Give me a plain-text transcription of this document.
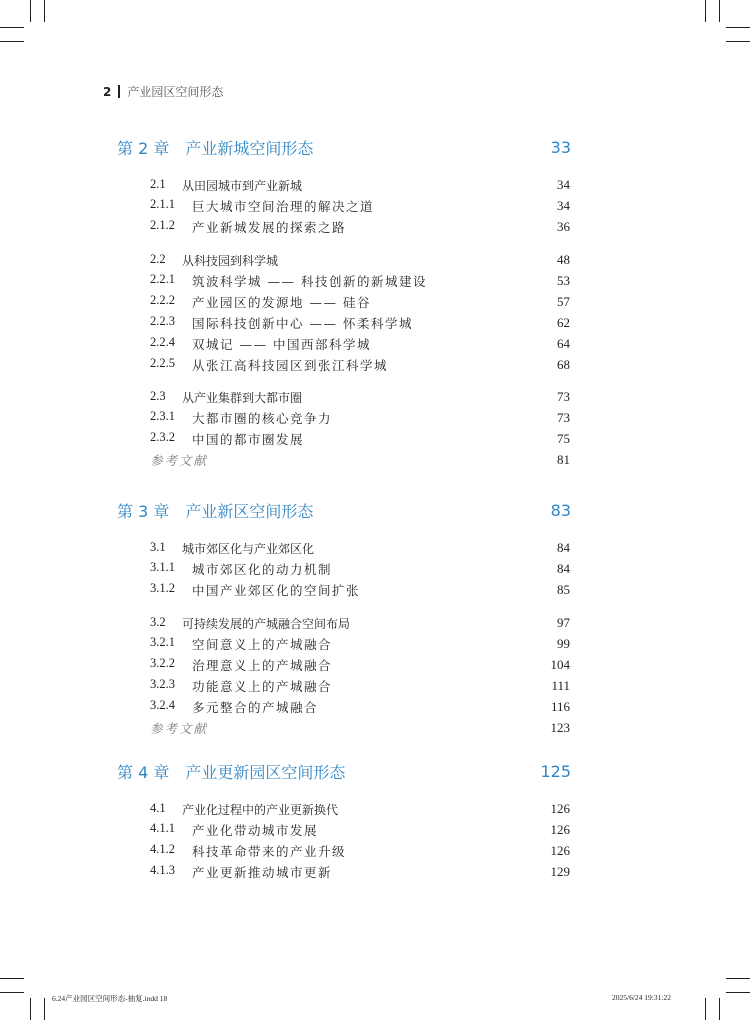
2 产业园区空间形态
第 2 章 产业新城空间形态	33
2.1	从田园城市到产业新城	34
2.1.1	巨大城市空间治理的解决之道	34
2.1.2	产业新城发展的探索之路	36
2.2	从科技园到科学城	48
2.2.1	筑波科学城 —— 科技创新的新城建设	53
2.2.2	产业园区的发源地 —— 硅谷	57
2.2.3	国际科技创新中心 —— 怀柔科学城	62
2.2.4	双城记 —— 中国西部科学城	64
2.2.5	从张江高科技园区到张江科学城	68
2.3	从产业集群到大都市圈	73
2.3.1	大都市圈的核心竞争力	73
2.3.2	中国的都市圈发展	75
参考文献	81
第 3 章 产业新区空间形态	83
3.1	城市郊区化与产业郊区化	84
3.1.1	城市郊区化的动力机制	84
3.1.2	中国产业郊区化的空间扩张	85
3.2	可持续发展的产城融合空间布局	97
3.2.1	空间意义上的产城融合	99
3.2.2	治理意义上的产城融合	104
3.2.3	功能意义上的产城融合	111
3.2.4	多元整合的产城融合	116
参考文献	123
第 4 章 产业更新园区空间形态	125
4.1	产业化过程中的产业更新换代	126
4.1.1	产业化带动城市发展	126
4.1.2	科技革命带来的产业升级	126
4.1.3	产业更新推动城市更新	129
6.24产业园区空间形态-抽复.indd 18	2025/6/24 19:31:22
